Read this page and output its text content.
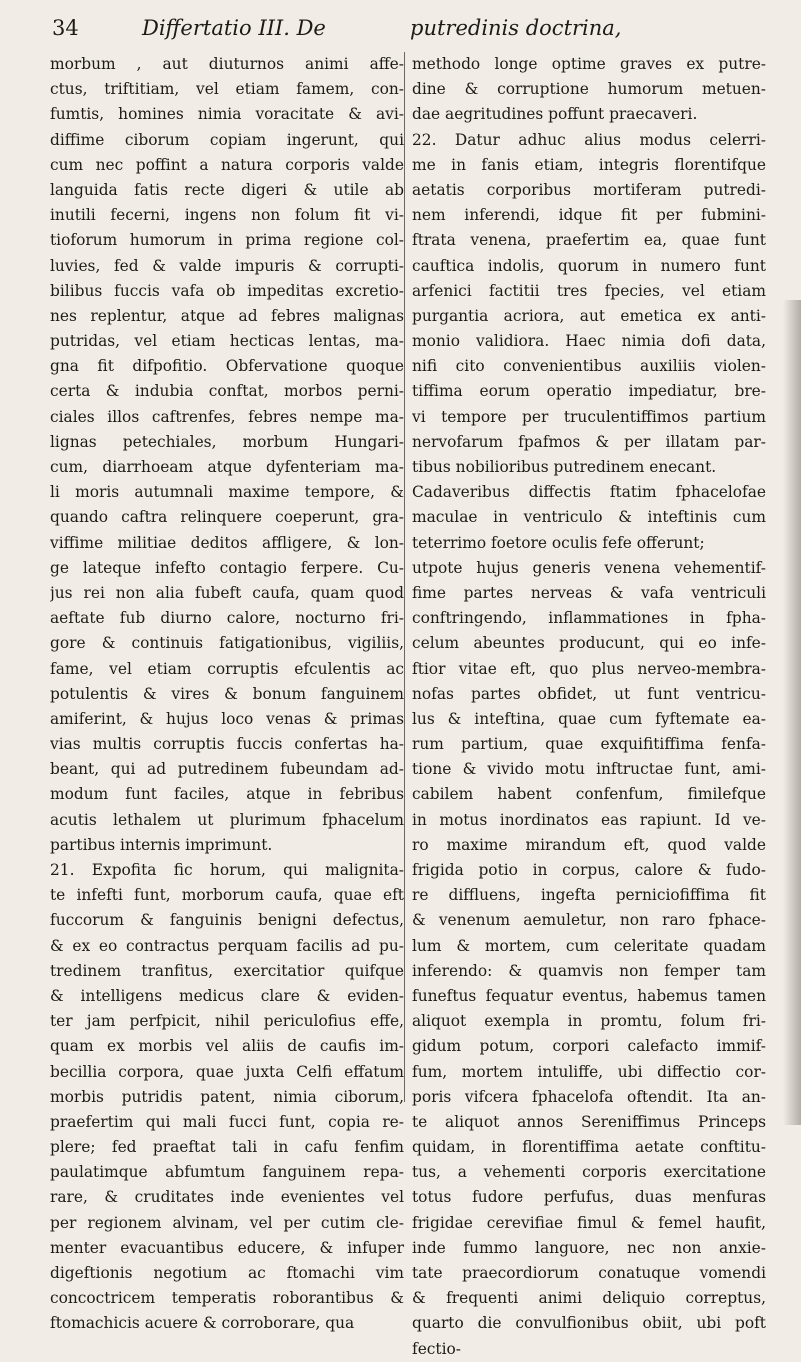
34	Differtatio III. De	putredinis doctrina,
morbum , aut diuturnos animi affe-
ctus, triftitiam, vel etiam famem, con-
fumtis, homines nimia voracitate & avi-
diffime ciborum copiam ingerunt, qui
cum nec poffint a natura corporis valde
languida fatis recte digeri & utile ab
inutili fecerni, ingens non folum fit vi-
tioforum humorum in prima regione col-
luvies, fed & valde impuris & corrupti-
bilibus fuccis vafa ob impeditas excretio-
nes replentur, atque ad febres malignas
putridas, vel etiam hecticas lentas, ma-
gna fit difpofitio. Obfervatione quoque
certa & indubia conftat, morbos perni-
ciales illos caftrenfes, febres nempe ma-
lignas petechiales, morbum Hungari-
cum, diarrhoeam atque dyfenteriam ma-
li moris autumnali maxime tempore, &
quando caftra relinquere coeperunt, gra-
viffime militiae deditos affligere, & lon-
ge lateque infefto contagio ferpere. Cu-
jus rei non alia fubeft caufa, quam quod
aeftate fub diurno calore, nocturno fri-
gore & continuis fatigationibus, vigiliis,
fame, vel etiam corruptis efculentis ac
potulentis & vires & bonum fanguinem
amiferint, & hujus loco venas & primas
vias multis corruptis fuccis confertas ha-
beant, qui ad putredinem fubeundam ad-
modum funt faciles, atque in febribus
acutis lethalem ut plurimum fphacelum
partibus internis imprimunt.
21. Expofita fic horum, qui malignita-
te infefti funt, morborum caufa, quae eft
fuccorum & fanguinis benigni defectus,
& ex eo contractus perquam facilis ad pu-
tredinem tranfitus, exercitatior quifque
& intelligens medicus clare & eviden-
ter jam perfpicit, nihil periculofius effe,
quam ex morbis vel aliis de caufis im-
becillia corpora, quae juxta Celfi effatum
morbis putridis patent, nimia ciborum,
praefertim qui mali fucci funt, copia re-
plere; fed praeftat tali in cafu fenfim
paulatimque abfumtum fanguinem repa-
rare, & cruditates inde evenientes vel
per regionem alvinam, vel per cutim cle-
menter evacuantibus educere, & infuper
digeftionis negotium ac ftomachi vim
concoctricem temperatis roborantibus &
ftomachicis acuere & corroborare, qua
methodo longe optime graves ex putre-
dine & corruptione humorum metuen-
dae aegritudines poffunt praecaveri.
22. Datur adhuc alius modus celerri-
me in fanis etiam, integris florentifque
aetatis corporibus mortiferam putredi-
nem inferendi, idque fit per fubmini-
ftrata venena, praefertim ea, quae funt
cauftica indolis, quorum in numero funt
arfenici factitii tres fpecies, vel etiam
purgantia acriora, aut emetica ex anti-
monio validiora. Haec nimia dofi data,
nifi cito convenientibus auxiliis violen-
tiffima eorum operatio impediatur, bre-
vi tempore per truculentiffimos partium
nervofarum fpafmos & per illatam par-
tibus nobilioribus putredinem enecant.
Cadaveribus diffectis ftatim fphacelofae
maculae in ventriculo & inteftinis cum
teterrimo foetore oculis fefe offerunt;
utpote hujus generis venena vehementif-
fime partes nerveas & vafa ventriculi
conftringendo, inflammationes in fpha-
celum abeuntes producunt, qui eo infe-
ftior vitae eft, quo plus nerveo-membra-
nofas partes obfidet, ut funt ventricu-
lus & inteftina, quae cum fyftemate ea-
rum partium, quae exquifitiffima fenfa-
tione & vivido motu inftructae funt, ami-
cabilem habent confenfum, fimilefque
in motus inordinatos eas rapiunt. Id ve-
ro maxime mirandum eft, quod valde
frigida potio in corpus, calore & fudo-
re diffluens, ingefta perniciofiffima fit
& venenum aemuletur, non raro fphace-
lum & mortem, cum celeritate quadam
inferendo: & quamvis non femper tam
funeftus fequatur eventus, habemus tamen
aliquot exempla in promtu, folum fri-
gidum potum, corpori calefacto immif-
fum, mortem intuliffe, ubi diffectio cor-
poris vifcera fphacelofa oftendit. Ita an-
te aliquot annos Sereniffimus Princeps
quidam, in florentiffima aetate conftitu-
tus, a vehementi corporis exercitatione
totus fudore perfufus, duas menfuras
frigidae cerevifiae fimul & femel haufit,
inde fummo languore, nec non anxie-
tate praecordiorum conatuque vomendi
& frequenti animi deliquio correptus,
quarto die convulfionibus obiit, ubi poft
fectio-
